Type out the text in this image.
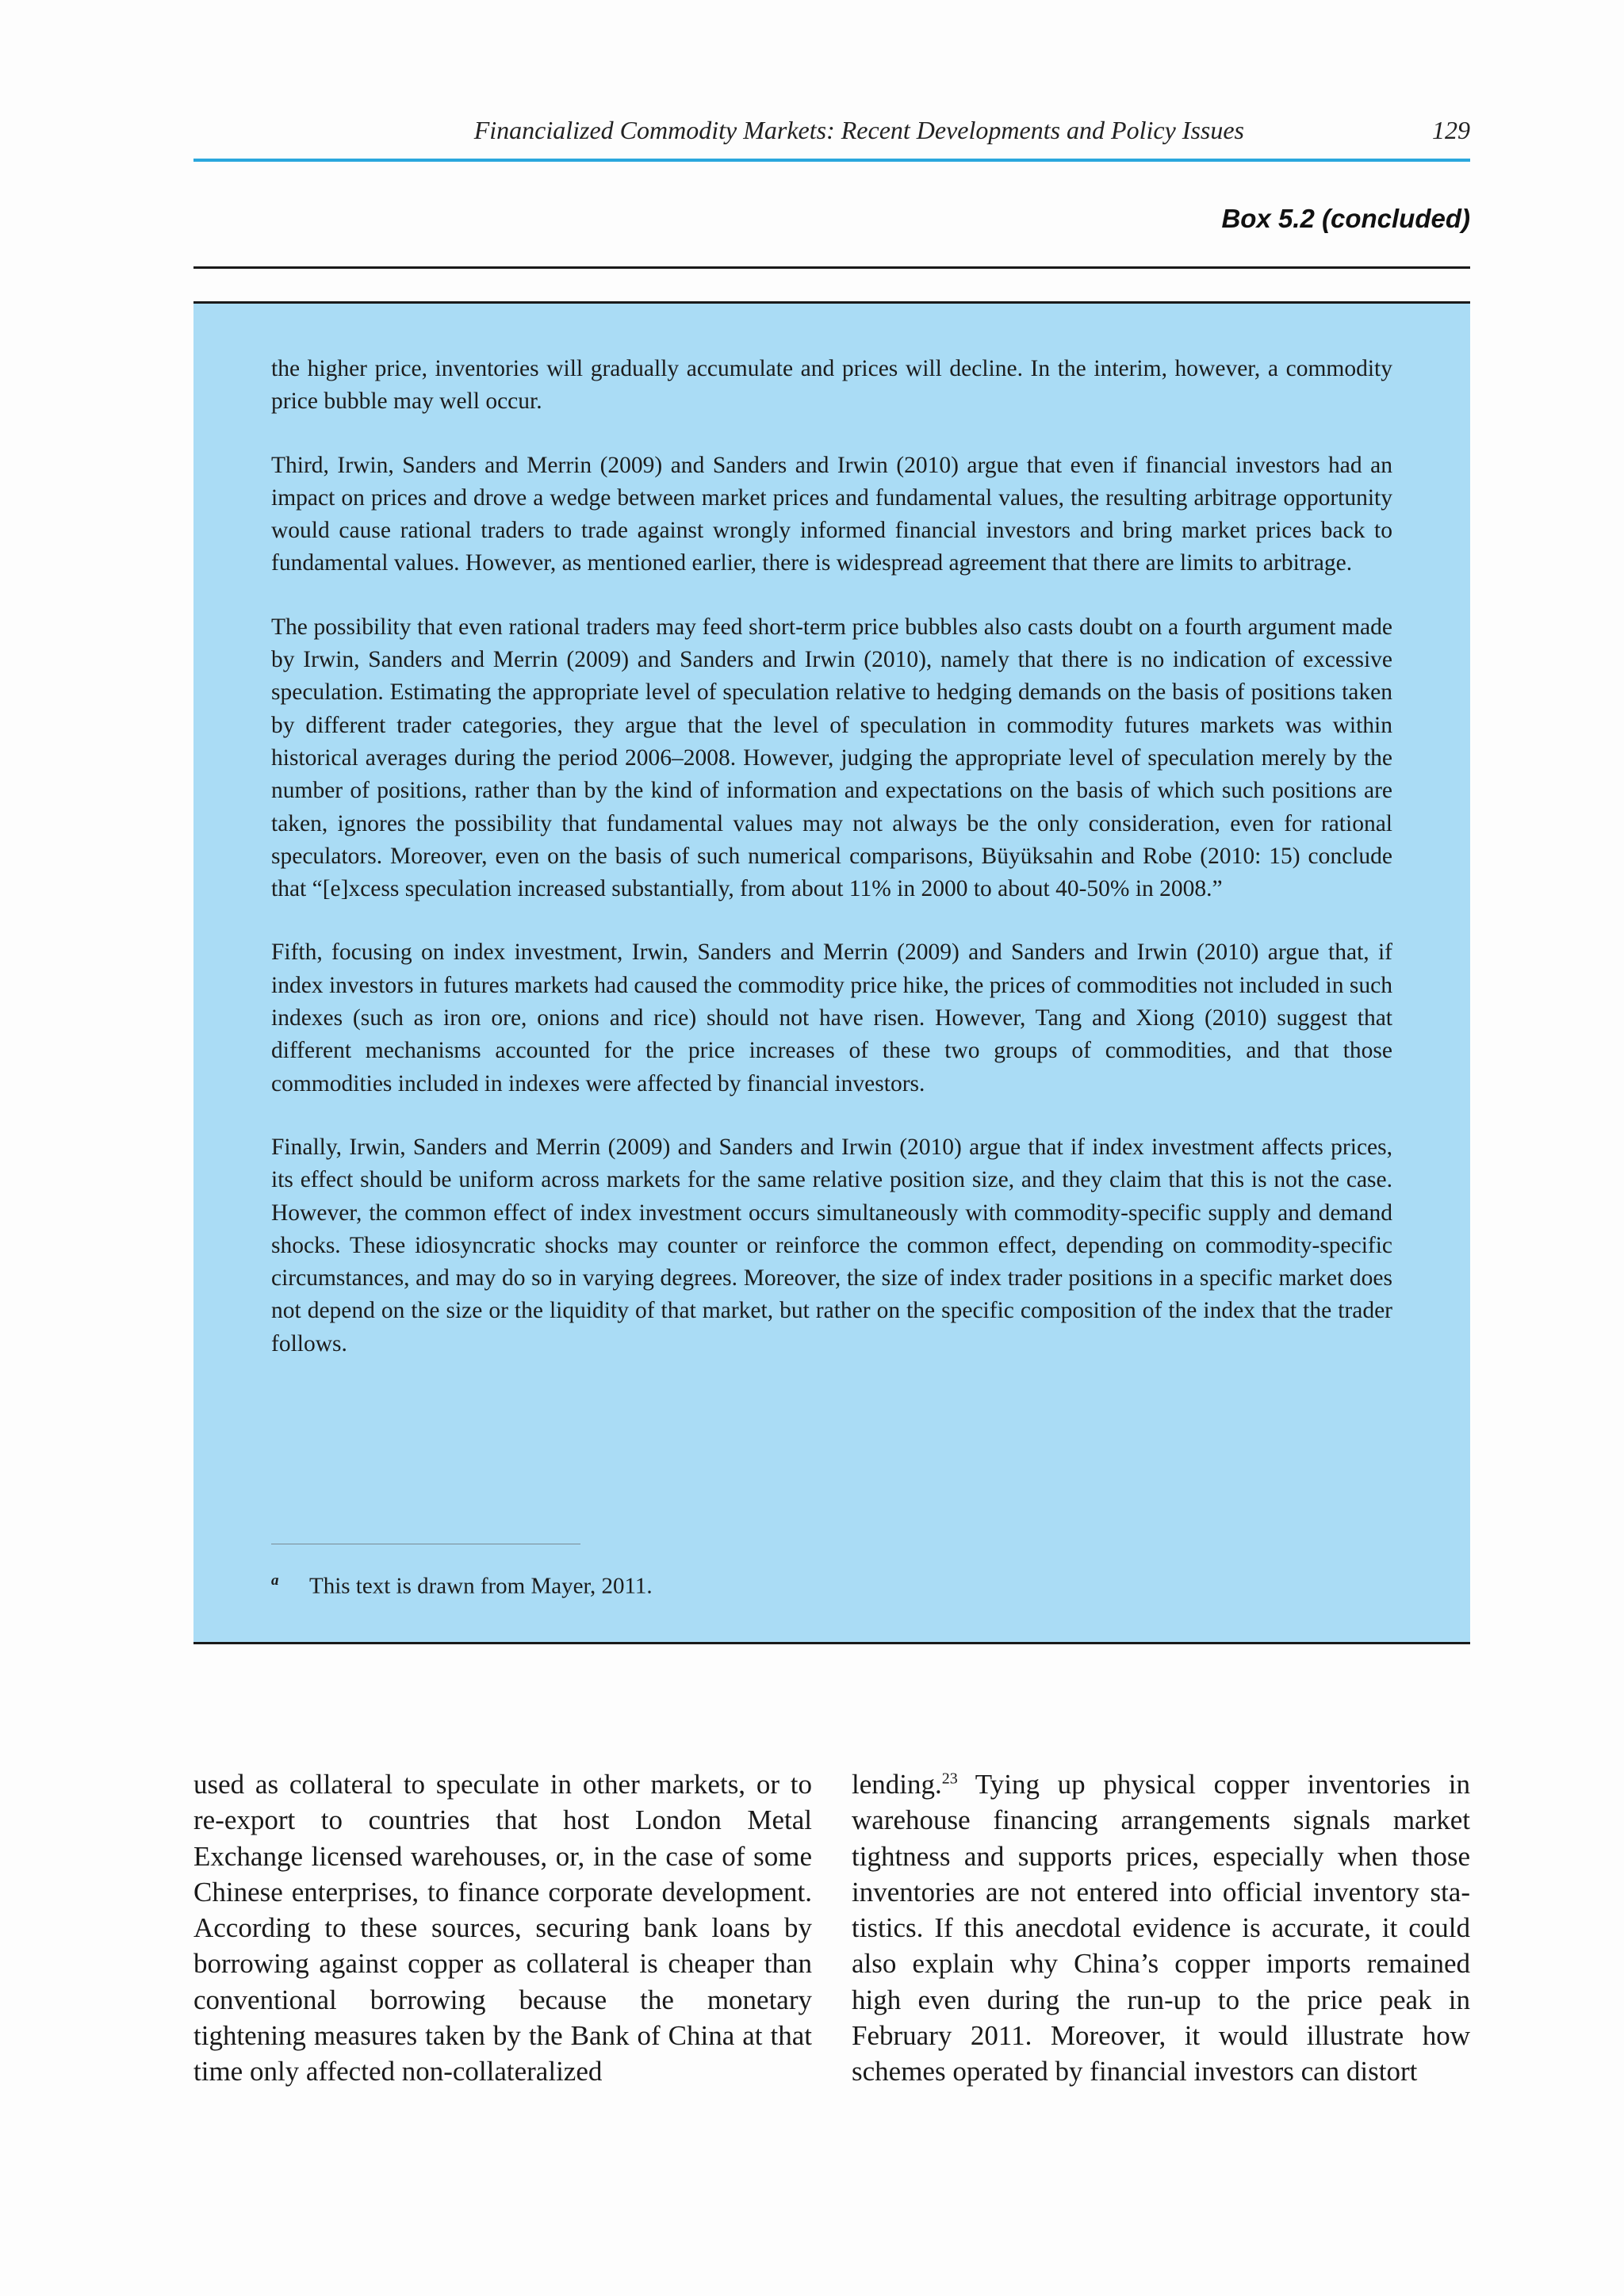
Financialized Commodity Markets: Recent Developments and Policy Issues	129
Box 5.2 (concluded)

the higher price, inventories will gradually accumulate and prices will decline. In the interim, however, a commodity price bubble may well occur.

Third, Irwin, Sanders and Merrin (2009) and Sanders and Irwin (2010) argue that even if financial investors had an impact on prices and drove a wedge between market prices and fundamental values, the resulting arbitrage opportunity would cause rational traders to trade against wrongly informed financial investors and bring market prices back to fundamental values. However, as mentioned earlier, there is widespread agreement that there are limits to arbitrage.

The possibility that even rational traders may feed short-term price bubbles also casts doubt on a fourth argument made by Irwin, Sanders and Merrin (2009) and Sanders and Irwin (2010), namely that there is no indication of excessive speculation. Estimating the appropriate level of speculation relative to hedging demands on the basis of positions taken by different trader categories, they argue that the level of speculation in commodity futures markets was within historical averages during the period 2006–2008. However, judging the appropriate level of speculation merely by the number of positions, rather than by the kind of information and expectations on the basis of which such positions are taken, ignores the possibility that fundamental values may not always be the only consideration, even for rational speculators. Moreover, even on the basis of such numerical comparisons, Büyüksahin and Robe (2010: 15) conclude that “[e]xcess speculation increased substantially, from about 11% in 2000 to about 40-50% in 2008.”

Fifth, focusing on index investment, Irwin, Sanders and Merrin (2009) and Sanders and Irwin (2010) argue that, if index investors in futures markets had caused the commodity price hike, the prices of commodities not included in such indexes (such as iron ore, onions and rice) should not have risen. However, Tang and Xiong (2010) suggest that different mechanisms accounted for the price increases of these two groups of commodities, and that those commodities included in indexes were affected by financial investors.

Finally, Irwin, Sanders and Merrin (2009) and Sanders and Irwin (2010) argue that if index investment affects prices, its effect should be uniform across markets for the same relative position size, and they claim that this is not the case. However, the common effect of index investment occurs simultaneously with commodity-specific supply and demand shocks. These idiosyncratic shocks may counter or reinforce the common effect, depending on commodity-specific circumstances, and may do so in varying degrees. Moreover, the size of index trader positions in a specific market does not depend on the size or the liquidity of that market, but rather on the specific composition of the index that the trader follows.

a This text is drawn from Mayer, 2011.

used as collateral to speculate in other markets, or to re-export to countries that host London Metal Exchange licensed warehouses, or, in the case of some Chinese enterprises, to finance corporate development. According to these sources, securing bank loans by borrowing against copper as collateral is cheaper than conventional borrowing because the monetary tightening measures taken by the Bank of China at that time only affected non-collateralized

lending.$^{23}$ Tying up physical copper inventories in warehouse financing arrangements signals market tightness and supports prices, especially when those inventories are not entered into official inventory sta-tistics. If this anecdotal evidence is accurate, it could also explain why China’s copper imports remained high even during the run-up to the price peak in February 2011. Moreover, it would illustrate how schemes operated by financial investors can distort
